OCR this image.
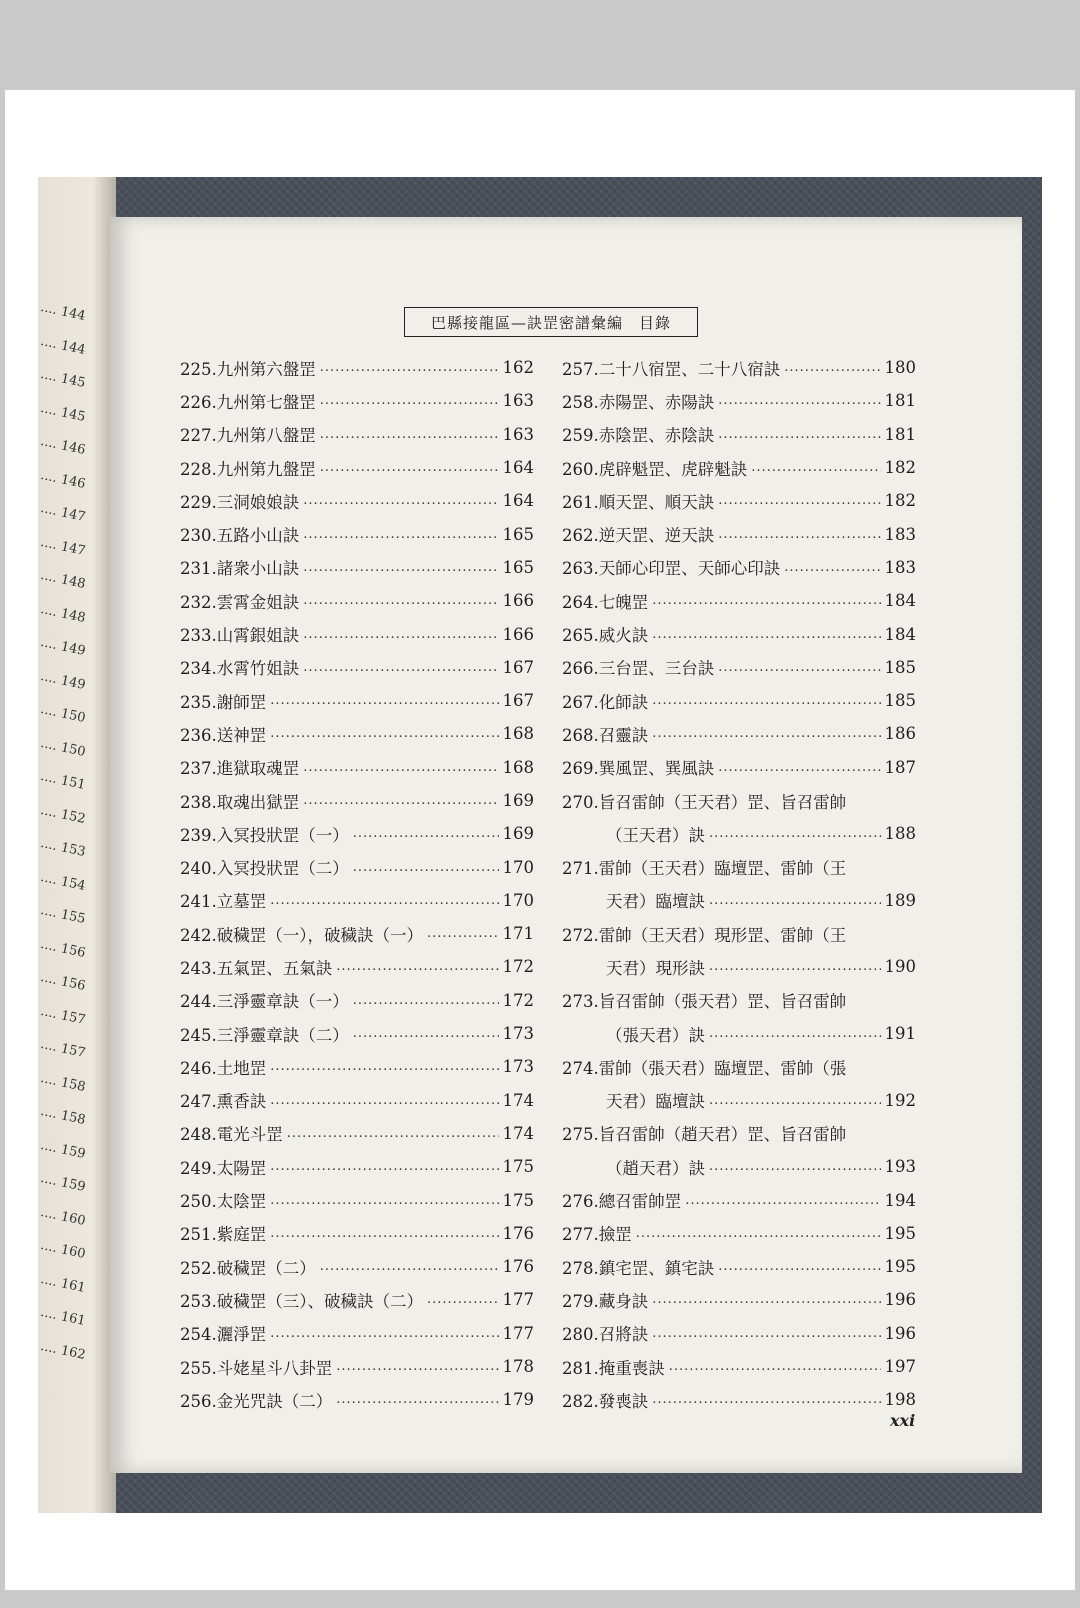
.... 144
.... 144
.... 145
.... 145
.... 146
.... 146
.... 147
.... 147
.... 148
.... 148
.... 149
.... 149
.... 150
.... 150
.... 151
.... 152
.... 153
.... 154
.... 155
.... 156
.... 156
.... 157
.... 157
.... 158
.... 158
.... 159
.... 159
.... 160
.... 160
.... 161
.... 161
.... 162
巴縣接龍區—訣罡密譜彙編　目錄
225.九州第六盤罡 .....	162
226.九州第七盤罡 .....	163
227.九州第八盤罡 .....	163
228.九州第九盤罡 .....	164
229.三洞娘娘訣 .....	164
230.五路小山訣 .....	165
231.諸衆小山訣 .....	165
232.雲霄金姐訣 .....	166
233.山霄銀姐訣 .....	166
234.水霄竹姐訣 .....	167
235.謝師罡 .....	167
236.送神罡 .....	168
237.進獄取魂罡 .....	168
238.取魂出獄罡 .....	169
239.入冥投狀罡（一） .....	169
240.入冥投狀罡（二） .....	170
241.立墓罡 .....	170
242.破穢罡（一），破穢訣（一） .....	171
243.五氣罡、五氣訣 .....	172
244.三淨靈章訣（一） .....	172
245.三淨靈章訣（二） .....	173
246.土地罡 .....	173
247.熏香訣 .....	174
248.電光斗罡 .....	174
249.太陽罡 .....	175
250.太陰罡 .....	175
251.紫庭罡 .....	176
252.破穢罡（二） .....	176
253.破穢罡（三）、破穢訣（二） .....	177
254.灑淨罡 .....	177
255.斗姥星斗八卦罡 .....	178
256.金光咒訣（二） .....	179
257.二十八宿罡、二十八宿訣 .....	180
258.赤陽罡、赤陽訣 .....	181
259.赤陰罡、赤陰訣 .....	181
260.虎辟魁罡、虎辟魁訣 .....	182
261.順天罡、順天訣 .....	182
262.逆天罡、逆天訣 .....	183
263.天師心印罡、天師心印訣 .....	183
264.七魄罡 .....	184
265.烕火訣 .....	184
266.三台罡、三台訣 .....	185
267.化師訣 .....	185
268.召靈訣 .....	186
269.巽風罡、巽風訣 .....	187
270.旨召雷帥（王天君）罡、旨召雷帥
（王天君）訣 .....	188
271.雷帥（王天君）臨壇罡、雷帥（王
天君）臨壇訣 .....	189
272.雷帥（王天君）現形罡、雷帥（王
天君）現形訣 .....	190
273.旨召雷帥（張天君）罡、旨召雷帥
（張天君）訣 .....	191
274.雷帥（張天君）臨壇罡、雷帥（張
天君）臨壇訣 .....	192
275.旨召雷帥（趙天君）罡、旨召雷帥
（趙天君）訣 .....	193
276.總召雷帥罡 .....	194
277.撿罡 .....	195
278.鎮宅罡、鎮宅訣 .....	195
279.藏身訣 .....	196
280.召將訣 .....	196
281.掩重喪訣 .....	197
282.發喪訣 .....	198
xxi
